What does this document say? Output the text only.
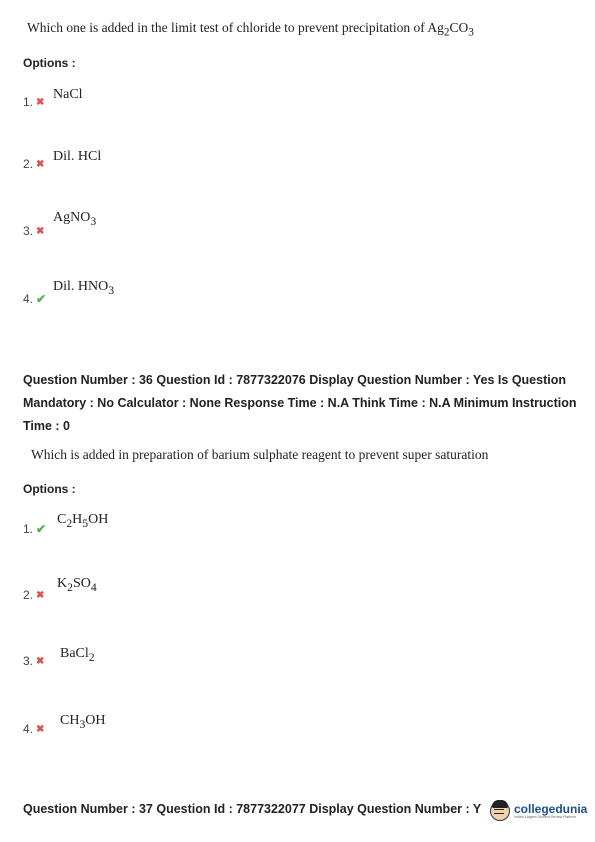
Which one is added in the limit test of chloride to prevent precipitation of $Ag_2CO_3$
Options :
1. ✖ NaCl
2. ✖ Dil. HCl
3. ✖
AgNO$_3$
4. ✔
Dil. $HNO_3$
Question Number : 36 Question Id : 7877322076 Display Question Number : Yes Is Question
Mandatory : No Calculator : None Response Time : N.A Think Time : N.A Minimum Instruction
Time : 0
Which is added in preparation of barium sulphate reagent to prevent super saturation
Options :
1. ✔
$C_2H_5OH$
2. ✖
$K_2SO_4$
3. ✖ BaCl$_2$
4. ✖
$CH_3OH$
Question Number : 37 Question Id : 7877322077 Display Question Number : Y	collegedunia
India's Largest Student Review Platform
